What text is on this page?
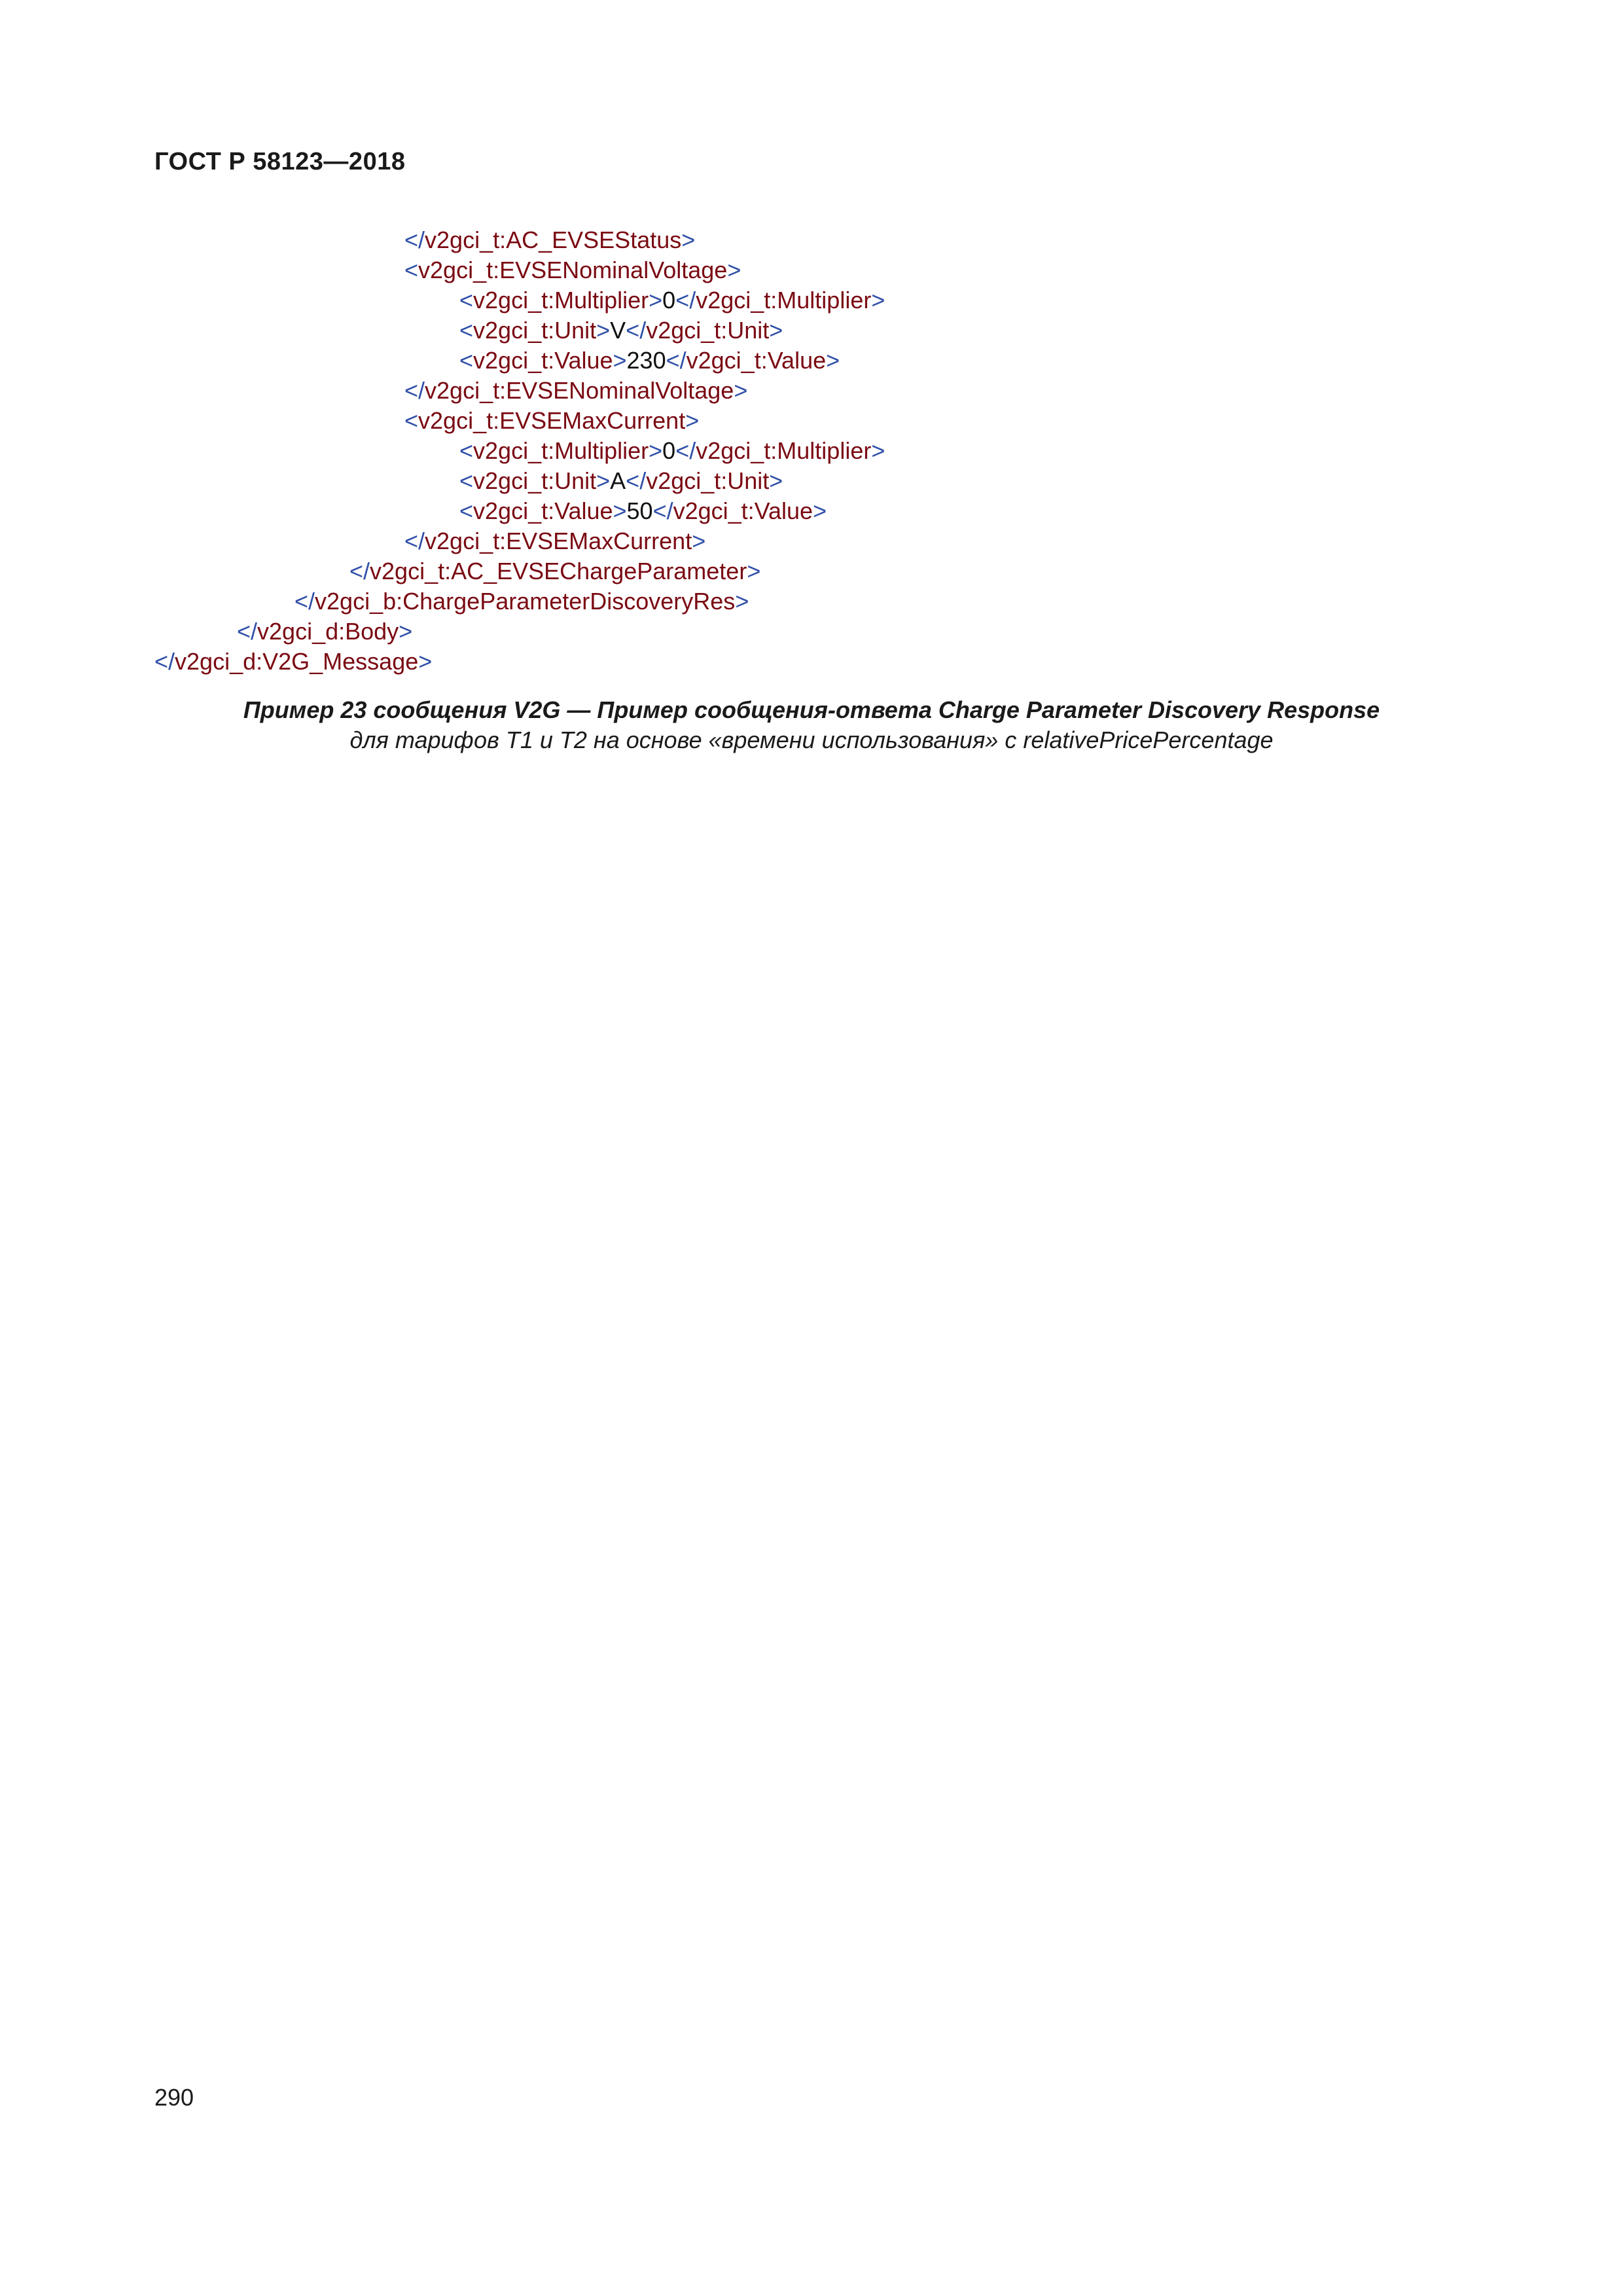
ГОСТ Р 58123—2018
</v2gci_t:AC_EVSEStatus>
<v2gci_t:EVSENominalVoltage>
<v2gci_t:Multiplier>0</v2gci_t:Multiplier>
<v2gci_t:Unit>V</v2gci_t:Unit>
<v2gci_t:Value>230</v2gci_t:Value>
</v2gci_t:EVSENominalVoltage>
<v2gci_t:EVSEMaxCurrent>
<v2gci_t:Multiplier>0</v2gci_t:Multiplier>
<v2gci_t:Unit>A</v2gci_t:Unit>
<v2gci_t:Value>50</v2gci_t:Value>
</v2gci_t:EVSEMaxCurrent>
</v2gci_t:AC_EVSEChargeParameter>
</v2gci_b:ChargeParameterDiscoveryRes>
</v2gci_d:Body>
</v2gci_d:V2G_Message>
Пример 23 сообщения V2G — Пример сообщения-ответа Charge Parameter Discovery Response
для тарифов T1 и T2 на основе «времени использования» с relativePricePercentage
290
